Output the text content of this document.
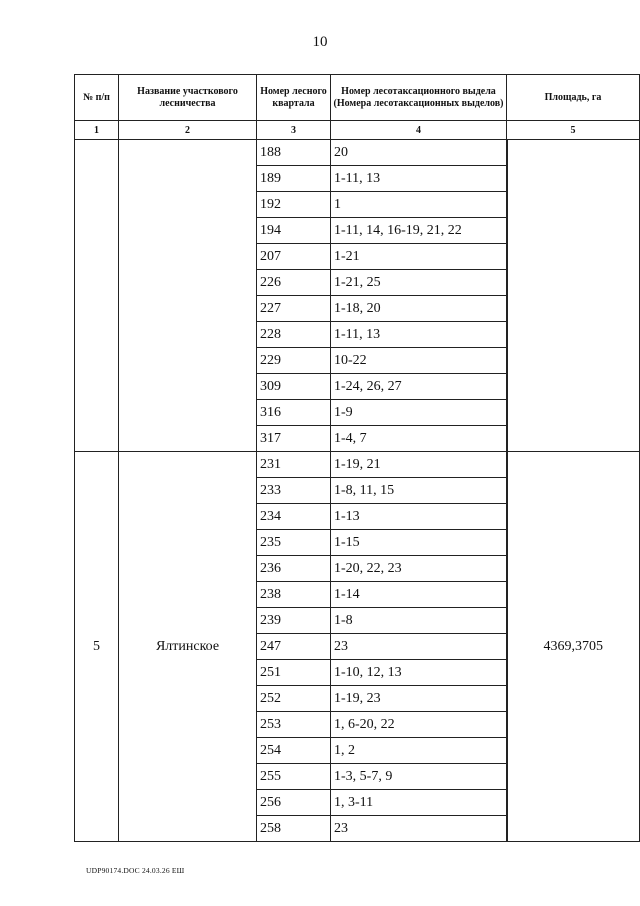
10
№ п/п	Название участкового лесничества	Номер лесного квартала	Номер лесотаксационного выдела (Номера лесотаксационных выделов)	Площадь, га
1	2	3	4	5
		188	20	
		189	1-11, 13	
		192	1	
		194	1-11, 14, 16-19, 21, 22	
		207	1-21	
		226	1-21, 25	
		227	1-18, 20	
		228	1-11, 13	
		229	10-22	
		309	1-24, 26, 27	
		316	1-9	
		317	1-4, 7	
5	Ялтинское	231	1-19, 21	4369,3705
		233	1-8, 11, 15	
		234	1-13	
		235	1-15	
		236	1-20, 22, 23	
		238	1-14	
		239	1-8	
		247	23	
		251	1-10, 12, 13	
		252	1-19, 23	
		253	1, 6-20, 22	
		254	1, 2	
		255	1-3, 5-7, 9	
		256	1, 3-11	
		258	23	
UDP90174.DOC 24.03.26 ЕШ
